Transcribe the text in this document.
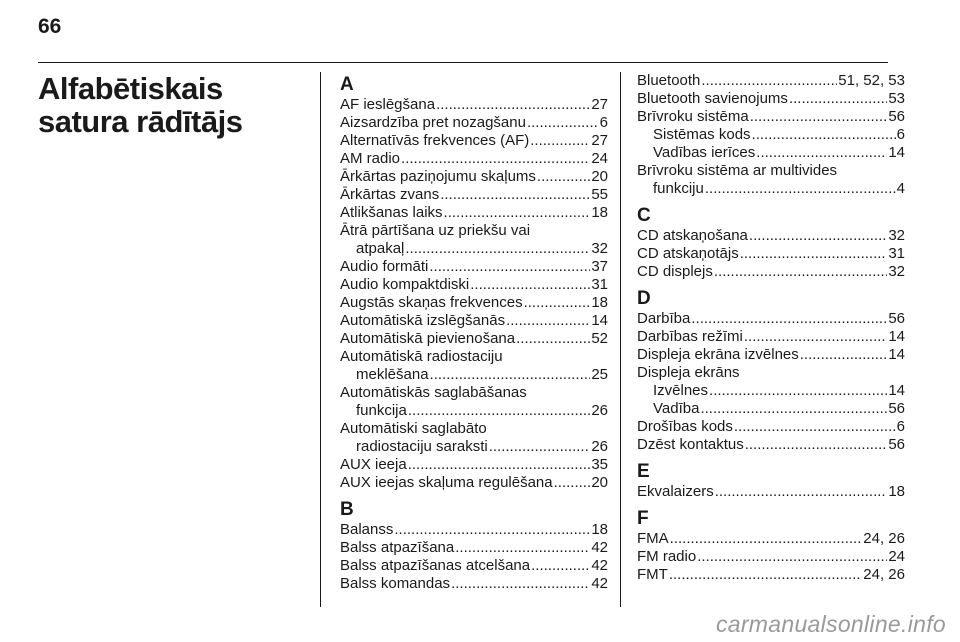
66
Alfabētiskais satura rādītājs
A
AF ieslēgšana .....	27
Aizsardzība pret nozagšanu .....	6
Alternatīvās frekvences (AF) .....	27
AM radio .....	24
Ārkārtas paziņojumu skaļums .....	20
Ārkārtas zvans .....	55
Atlikšanas laiks .....	18
Ātrā pārtīšana uz priekšu vai
atpakaļ .....	32
Audio formāti .....	37
Audio kompaktdiski .....	31
Augstās skaņas frekvences .....	18
Automātiskā izslēgšanās .....	14
Automātiskā pievienošana .....	52
Automātiskā radiostaciju
meklēšana .....	25
Automātiskās saglabāšanas
funkcija .....	26
Automātiski saglabāto
radiostaciju saraksti .....	26
AUX ieeja .....	35
AUX ieejas skaļuma regulēšana .....	20
B
Balanss .....	18
Balss atpazīšana .....	42
Balss atpazīšanas atcelšana .....	42
Balss komandas .....	42
Bluetooth .....	51, 52, 53
Bluetooth savienojums .....	53
Brīvroku sistēma .....	56
Sistēmas kods .....	6
Vadības ierīces .....	14
Brīvroku sistēma ar multivides
funkciju .....	4
C
CD atskaņošana .....	32
CD atskaņotājs .....	31
CD displejs .....	32
D
Darbība .....	56
Darbības režīmi .....	14
Displeja ekrāna izvēlnes .....	14
Displeja ekrāns
Izvēlnes .....	14
Vadība .....	56
Drošības kods .....	6
Dzēst kontaktus .....	56
E
Ekvalaizers .....	18
F
FMA .....	24, 26
FM radio .....	24
FMT .....	24, 26
carmanualsonline.info
